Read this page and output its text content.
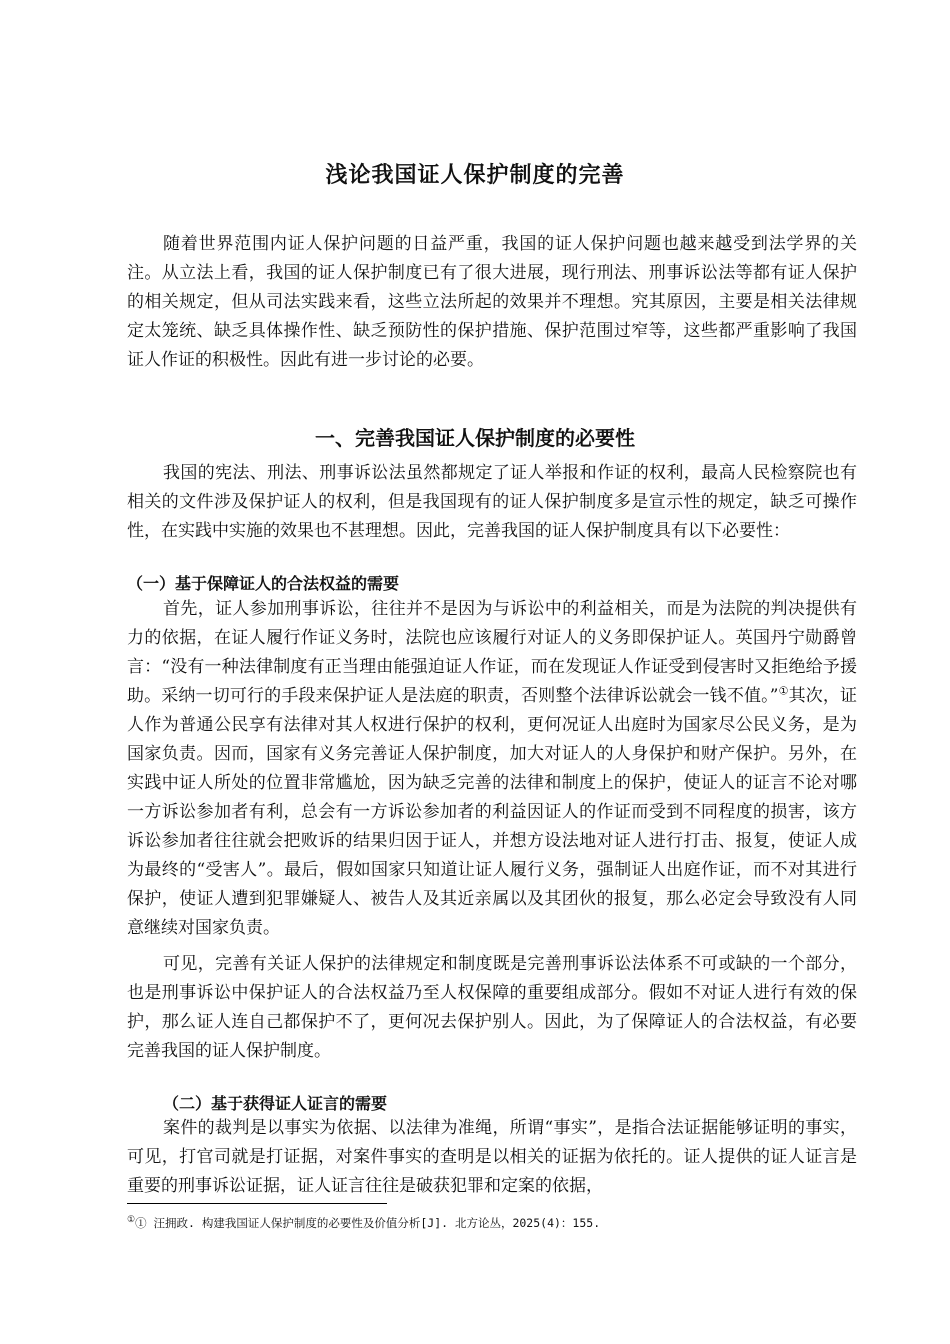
浅论我国证人保护制度的完善

随着世界范围内证人保护问题的日益严重，我国的证人保护问题也越来越受到法学界的关注。从立法上看，我国的证人保护制度已有了很大进展，现行刑法、刑事诉讼法等都有证人保护的相关规定，但从司法实践来看，这些立法所起的效果并不理想。究其原因，主要是相关法律规定太笼统、缺乏具体操作性、缺乏预防性的保护措施、保护范围过窄等，这些都严重影响了我国证人作证的积极性。因此有进一步讨论的必要。

一、完善我国证人保护制度的必要性

我国的宪法、刑法、刑事诉讼法虽然都规定了证人举报和作证的权利，最高人民检察院也有相关的文件涉及保护证人的权利，但是我国现有的证人保护制度多是宣示性的规定，缺乏可操作性，在实践中实施的效果也不甚理想。因此，完善我国的证人保护制度具有以下必要性：

（一）基于保障证人的合法权益的需要

首先，证人参加刑事诉讼，往往并不是因为与诉讼中的利益相关，而是为法院的判决提供有力的依据，在证人履行作证义务时，法院也应该履行对证人的义务即保护证人。英国丹宁勋爵曾言：“没有一种法律制度有正当理由能强迫证人作证，而在发现证人作证受到侵害时又拒绝给予援助。采纳一切可行的手段来保护证人是法庭的职责，否则整个法律诉讼就会一钱不值。”①其次，证人作为普通公民享有法律对其人权进行保护的权利，更何况证人出庭时为国家尽公民义务，是为国家负责。因而，国家有义务完善证人保护制度，加大对证人的人身保护和财产保护。另外，在实践中证人所处的位置非常尴尬，因为缺乏完善的法律和制度上的保护，使证人的证言不论对哪一方诉讼参加者有利，总会有一方诉讼参加者的利益因证人的作证而受到不同程度的损害，该方诉讼参加者往往就会把败诉的结果归因于证人，并想方设法地对证人进行打击、报复，使证人成为最终的“受害人”。最后，假如国家只知道让证人履行义务，强制证人出庭作证，而不对其进行保护，使证人遭到犯罪嫌疑人、被告人及其近亲属以及其团伙的报复，那么必定会导致没有人同意继续对国家负责。

可见，完善有关证人保护的法律规定和制度既是完善刑事诉讼法体系不可或缺的一个部分，也是刑事诉讼中保护证人的合法权益乃至人权保障的重要组成部分。假如不对证人进行有效的保护，那么证人连自己都保护不了，更何况去保护别人。因此，为了保障证人的合法权益，有必要完善我国的证人保护制度。

（二）基于获得证人证言的需要

案件的裁判是以事实为依据、以法律为准绳，所谓“事实”，是指合法证据能够证明的事实，可见，打官司就是打证据，对案件事实的查明是以相关的证据为依托的。证人提供的证人证言是重要的刑事诉讼证据，证人证言往往是破获犯罪和定案的依据，

①① 汪拥政. 构建我国证人保护制度的必要性及价值分析[J]. 北方论丛，2025(4)：155.
